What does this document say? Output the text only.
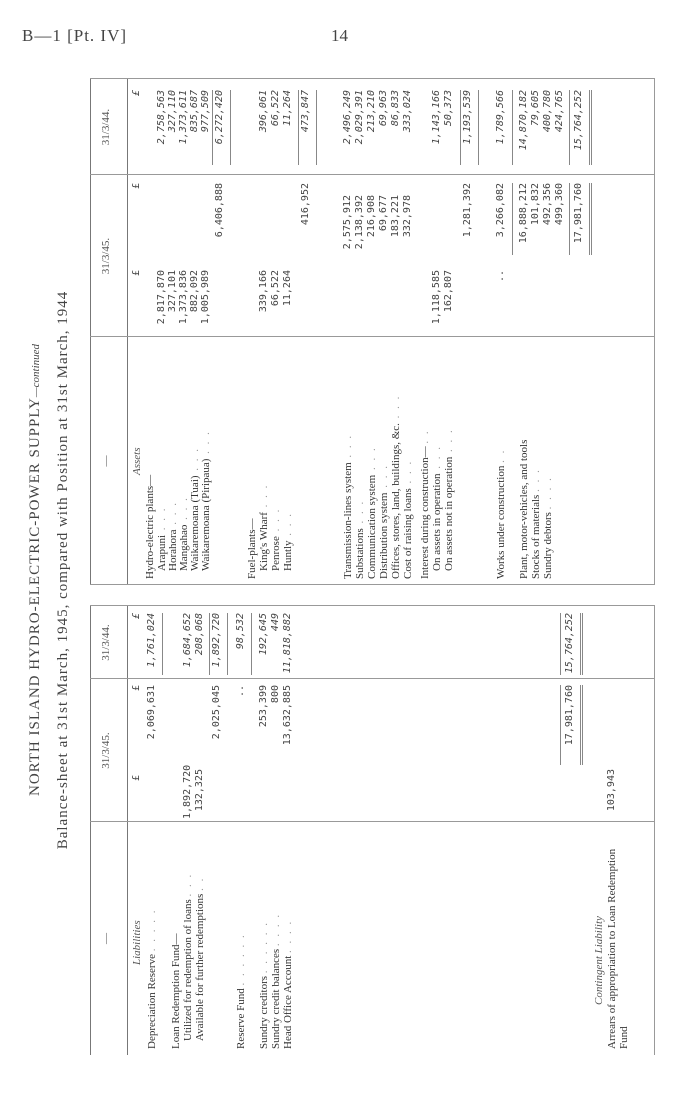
B—1 [Pt. IV]	14
NORTH ISLAND HYDRO-ELECTRIC-POWER SUPPLY—continued Balance-sheet at 31st March, 1945, compared with Position at 31st March, 1944
—
31/3/45.
31/3/44.
Liabilities
£
£
£
Depreciation Reserve . . . . .
2,069,631
1,761,024
Loan Redemption Fund— Utilized for redemption of loans . . .
1,892,720
1,684,652
Available for further redemptions . .
132,325
208,068
2,025,045
1,892,720
Reserve Fund . . . . . .
..
98,532
Sundry creditors . . . . . .
253,399
192,645
Sundry credit balances . . . .
800
449
Head Office Account . . . .
13,632,885
11,818,882
17,981,760
15,764,252
Contingent Liability Arrears of appropriation to Loan Redemption Fund
103,943
—
31/3/45.
31/3/44.
Assets
£
£
£
Hydro-electric plants— Arapuni . . .
2,817,870
2,758,563
Horahora . . .
327,101
327,110
Mangahao . . .
1,373,836
1,373,611
Waikaremoana (Tuai) . . .
882,092
835,687
Waikaremoana (Piripaua) . . .
1,005,989
977,509
6,406,888
6,272,420
Fuel-plants— King's Wharf . . .
339,166
396,061
Penrose . . .
66,522
66,522
Huntly . . .
11,264
11,264
416,952
473,847
Transmission-lines system . . .
2,575,912
2,496,249
Substations . . .
2,138,392
2,029,391
Communication system . . .
216,908
213,210
Distribution system . . .
69,677
69,963
Offices, stores, land, buildings, &c. . . .
183,221
86,833
Cost of raising loans . . .
332,978
333,024
Interest during construction— . .
On assets in operation . . .
1,118,585
1,143,166
On assets not in operation . . .
162,807
50,373
1,281,392
1,193,539
Works under construction . .
..
3,266,082
1,789,566
16,888,212
14,870,182
Plant, motor-vehicles, and tools
101,832
79,605
Stocks of materials . . .
492,356
400,780
Sundry debtors . . . .
499,360
424,765
17,981,760
15,764,252
